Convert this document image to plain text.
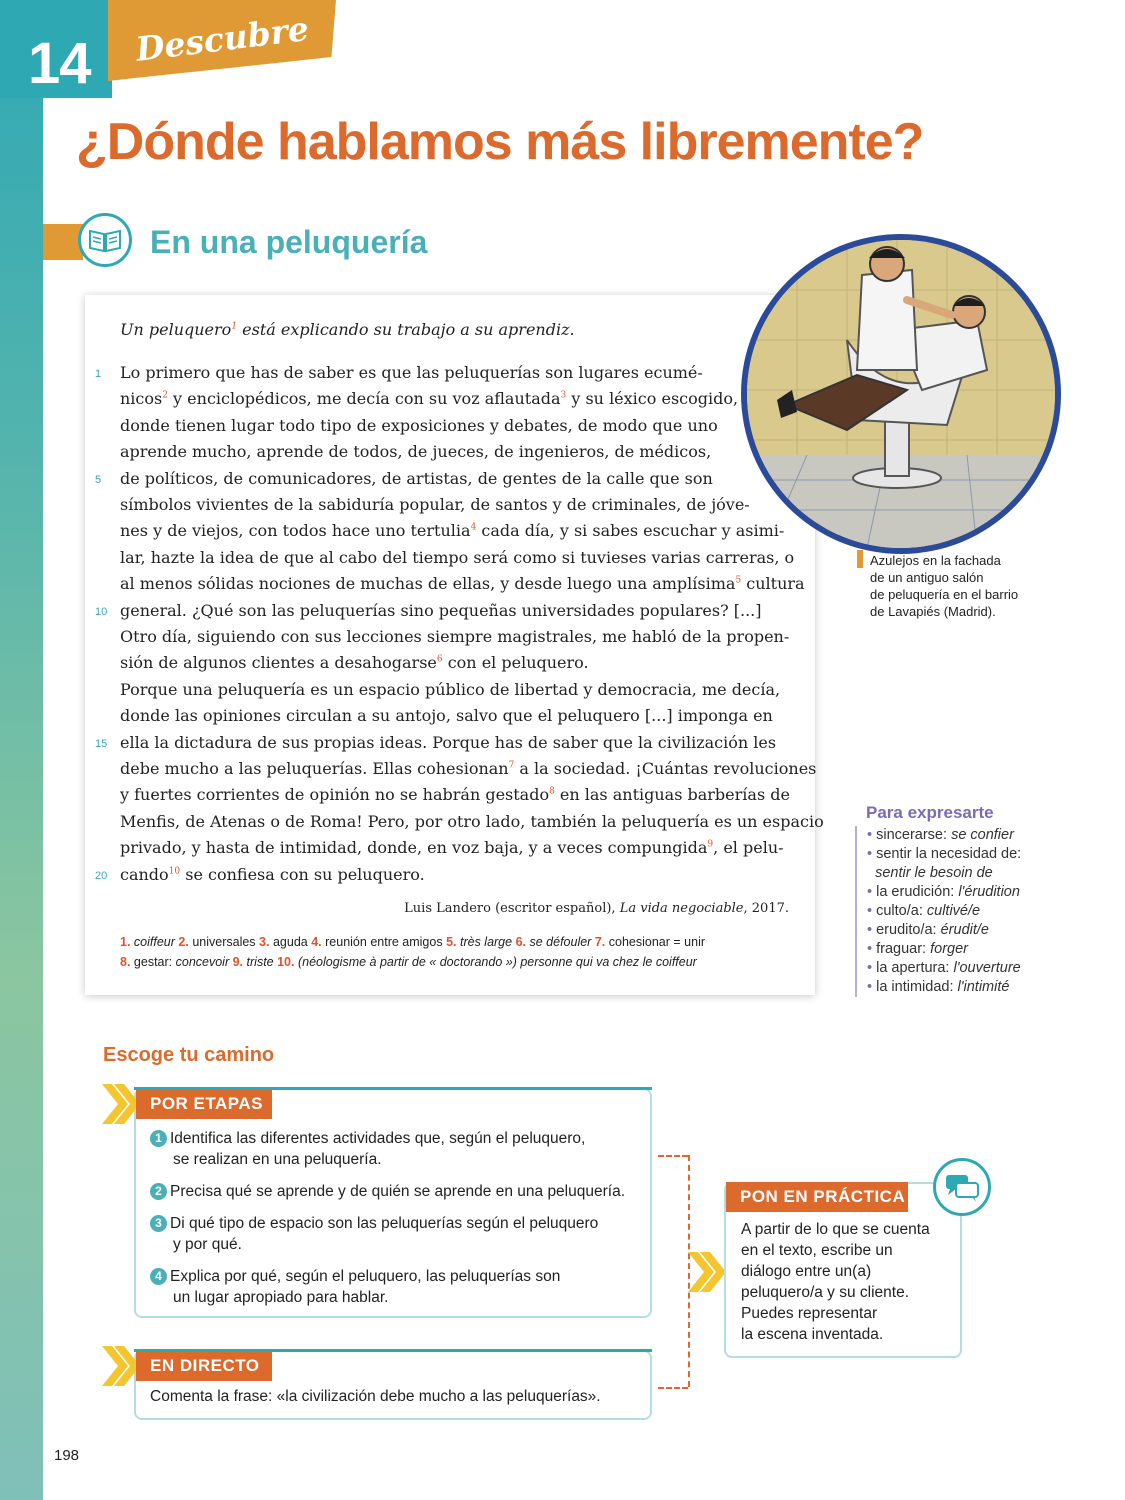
14 Descubre
¿Dónde hablamos más libremente?
En una peluquería
Un peluquero$^1$ está explicando su trabajo a su aprendiz.
Lo primero que has de saber es que las peluquerías son lugares ecumé-
nicos$^2$ y enciclopédicos, me decía con su voz aflautada$^3$ y su léxico escogido,
donde tienen lugar todo tipo de exposiciones y debates, de modo que uno
aprende mucho, aprende de todos, de jueces, de ingenieros, de médicos,
de políticos, de comunicadores, de artistas, de gentes de la calle que son
símbolos vivientes de la sabiduría popular, de santos y de criminales, de jóve-
nes y de viejos, con todos hace uno tertulia$^4$ cada día, y si sabes escuchar y asimi-
lar, hazte la idea de que al cabo del tiempo será como si tuvieses varias carreras, o
al menos sólidas nociones de muchas de ellas, y desde luego una amplísima$^5$ cultura
general. ¿Qué son las peluquerías sino pequeñas universidades populares? [...]
Otro día, siguiendo con sus lecciones siempre magistrales, me habló de la propen-
sión de algunos clientes a desahogarse$^6$ con el peluquero.
Porque una peluquería es un espacio público de libertad y democracia, me decía,
donde las opiniones circulan a su antojo, salvo que el peluquero [...] imponga en
ella la dictadura de sus propias ideas. Porque has de saber que la civilización les
debe mucho a las peluquerías. Ellas cohesionan$^7$ a la sociedad. ¡Cuántas revoluciones
y fuertes corrientes de opinión no se habrán gestado$^8$ en las antiguas barberías de
Menfis, de Atenas o de Roma! Pero, por otro lado, también la peluquería es un espacio
privado, y hasta de intimidad, donde, en voz baja, y a veces compungida$^9$, el pelu-
cando$^{10}$ se confiesa con su peluquero.
1
5
10
15
20
Luis Landero (escritor español), La vida negociable, 2017.
1. coiffeur 2. universales 3. aguda 4. reunión entre amigos 5. très large 6. se défouler 7. cohesionar = unir
8. gestar: concevoir 9. triste 10. (néologisme à partir de « doctorando ») personne qui va chez le coiffeur
Azulejos en la fachada
de un antiguo salón
de peluquería en el barrio
de Lavapiés (Madrid).
Para expresarte
• sincerarse: se confier
• sentir la necesidad de:
sentir le besoin de
• la erudición: l'érudition
• culto/a: cultivé/e
• erudito/a: érudit/e
• fraguar: forger
• la apertura: l'ouverture
• la intimidad: l'intimité
Escoge tu camino
POR ETAPAS
1 Identifica las diferentes actividades que, según el peluquero,
se realizan en una peluquería.
2 Precisa qué se aprende y de quién se aprende en una peluquería.
3 Di qué tipo de espacio son las peluquerías según el peluquero
y por qué.
4 Explica por qué, según el peluquero, las peluquerías son
un lugar apropiado para hablar.
EN DIRECTO
Comenta la frase: «la civilización debe mucho a las peluquerías».
PON EN PRÁCTICA
A partir de lo que se cuenta
en el texto, escribe un
diálogo entre un(a)
peluquero/a y su cliente.
Puedes representar
la escena inventada.
198
